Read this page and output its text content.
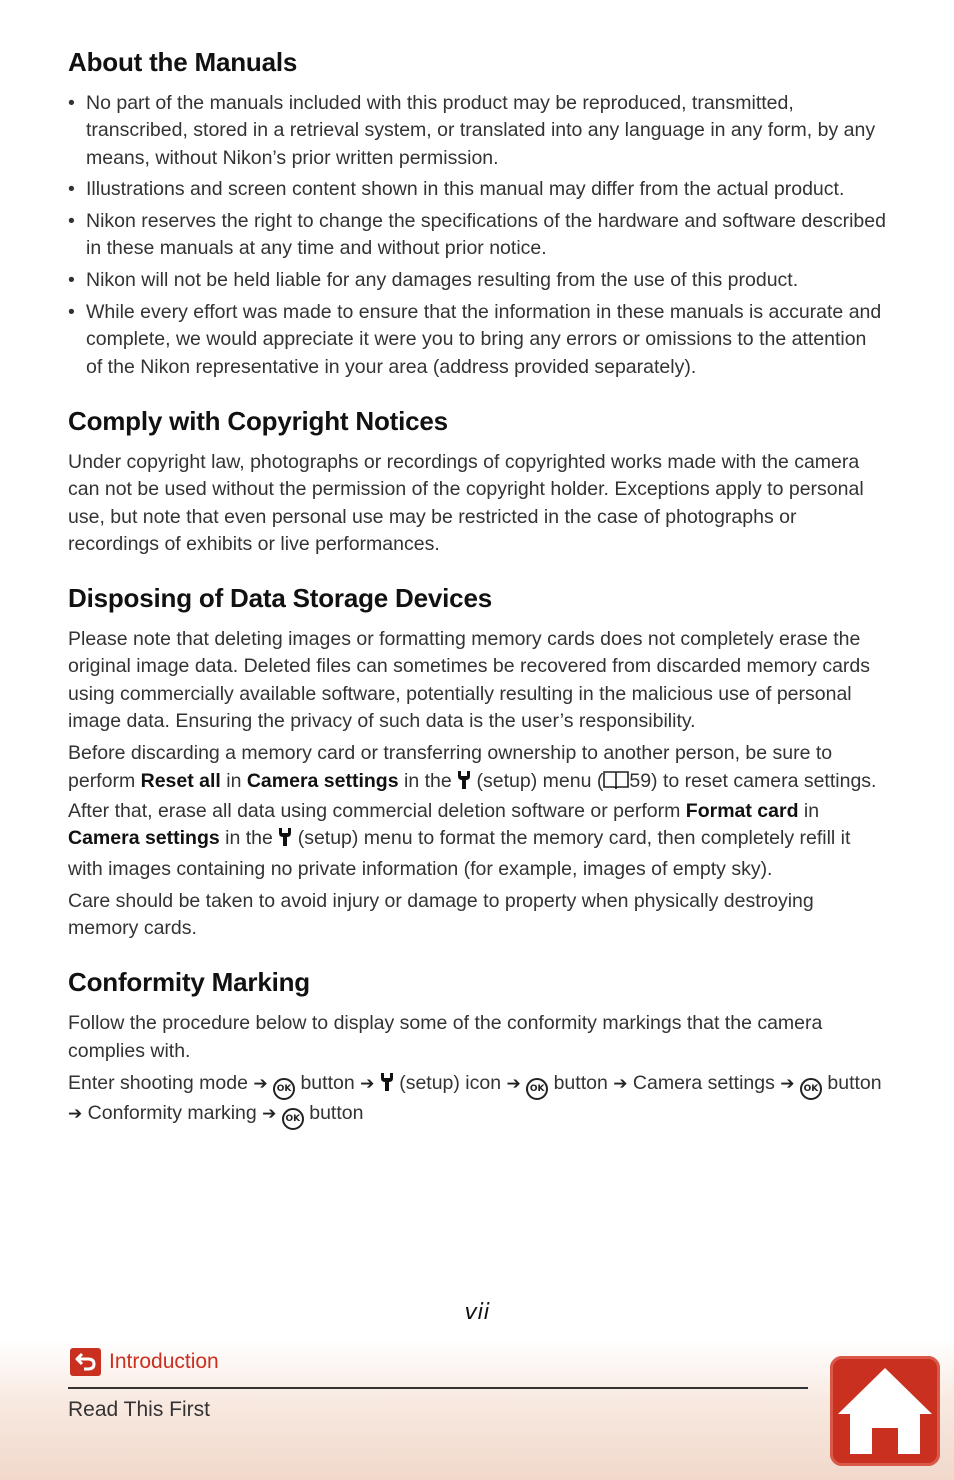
About the Manuals
• No part of the manuals included with this product may be reproduced, transmitted, transcribed, stored in a retrieval system, or translated into any language in any form, by any means, without Nikon’s prior written permission.
• Illustrations and screen content shown in this manual may differ from the actual product.
• Nikon reserves the right to change the specifications of the hardware and software described in these manuals at any time and without prior notice.
• Nikon will not be held liable for any damages resulting from the use of this product.
• While every effort was made to ensure that the information in these manuals is accurate and complete, we would appreciate it were you to bring any errors or omissions to the attention of the Nikon representative in your area (address provided separately).
Comply with Copyright Notices

Under copyright law, photographs or recordings of copyrighted works made with the camera can not be used without the permission of the copyright holder. Exceptions apply to personal use, but note that even personal use may be restricted in the case of photographs or recordings of exhibits or live performances.

Disposing of Data Storage Devices

Please note that deleting images or formatting memory cards does not completely erase the original image data. Deleted files can sometimes be recovered from discarded memory cards using commercially available software, potentially resulting in the malicious use of personal image data. Ensuring the privacy of such data is the user’s responsibility.

Before discarding a memory card or transferring ownership to another person, be sure to perform Reset all in Camera settings in the  (setup) menu ( 59) to reset camera settings. After that, erase all data using commercial deletion software or perform Format card in Camera settings in the  (setup) menu to format the memory card, then completely refill it with images containing no private information (for example, images of empty sky).

Care should be taken to avoid injury or damage to property when physically destroying memory cards.

Conformity Marking

Follow the procedure below to display some of the conformity markings that the camera complies with.

Enter shooting mode ➔ OK button ➔  (setup) icon ➔ OK button ➔ Camera settings ➔ OK button ➔ Conformity marking ➔ OK button

vii
Introduction
Read This First
